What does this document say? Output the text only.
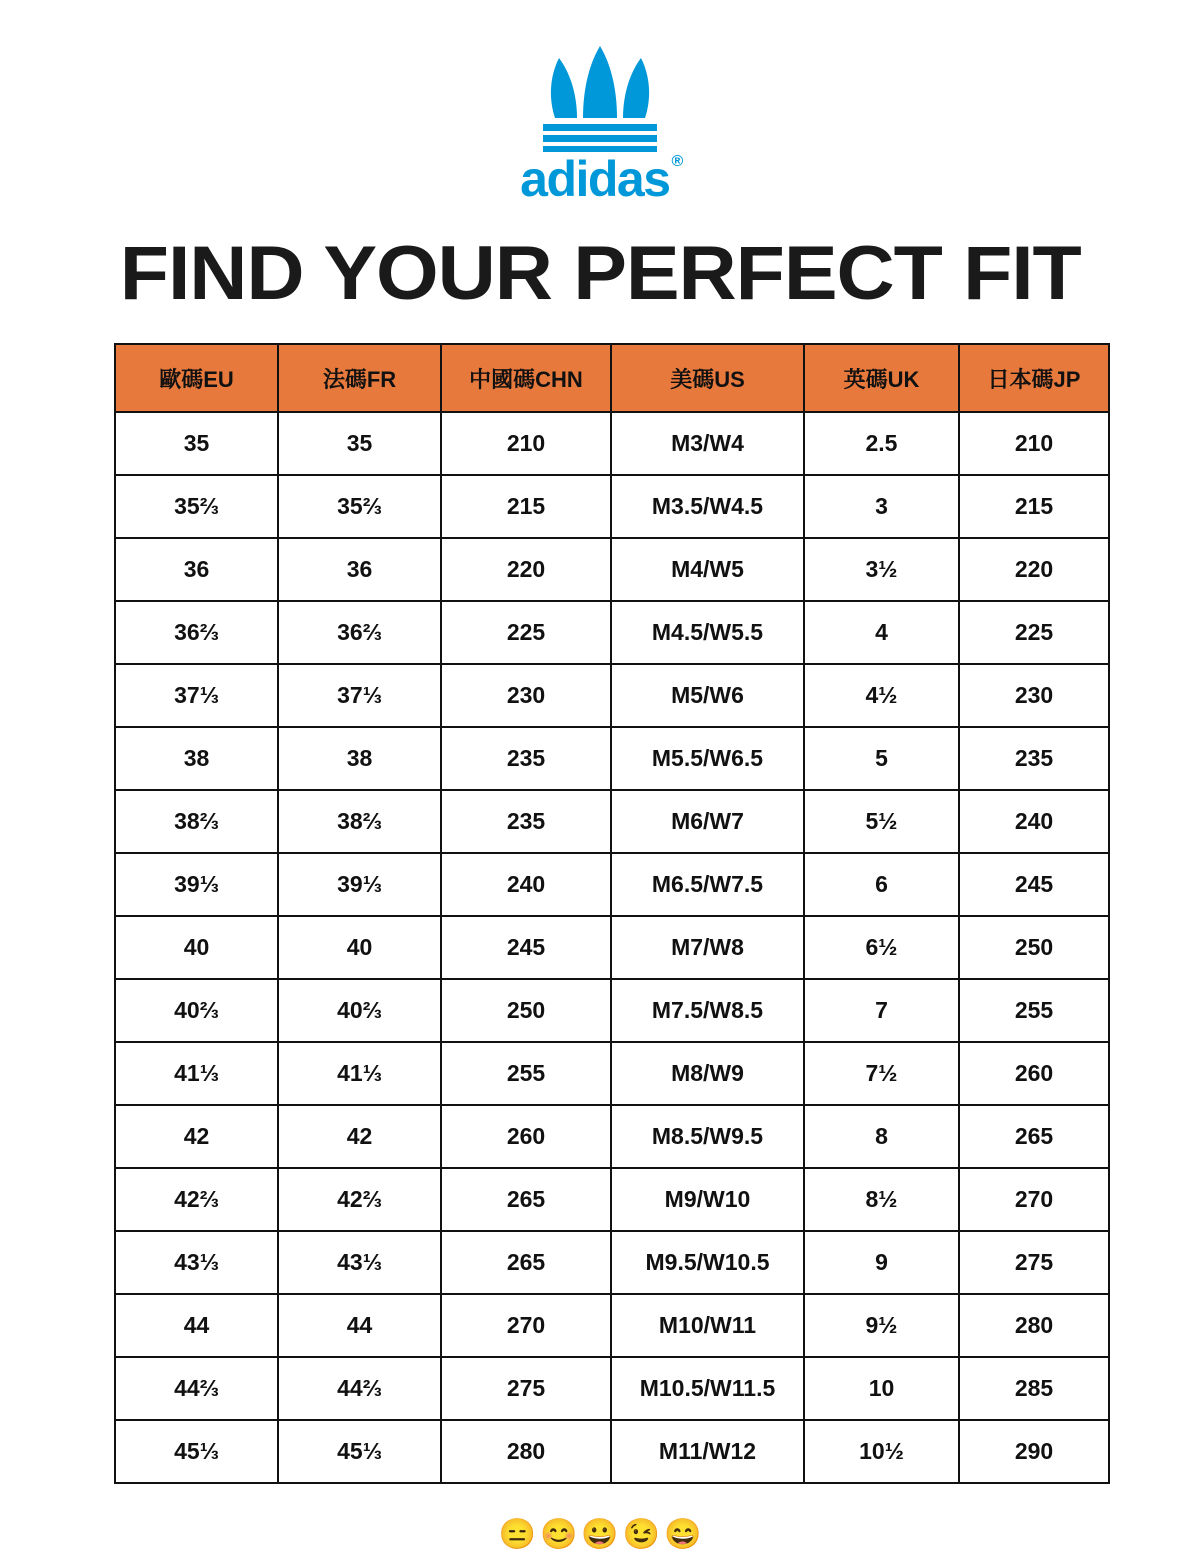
adidas ®
FIND YOUR PERFECT FIT
歐碼EU	法碼FR	中國碼CHN	美碼US	英碼UK	日本碼JP
35	35	210	M3/W4	2.5	210
35⅔	35⅔	215	M3.5/W4.5	3	215
36	36	220	M4/W5	3½	220
36⅔	36⅔	225	M4.5/W5.5	4	225
37⅓	37⅓	230	M5/W6	4½	230
38	38	235	M5.5/W6.5	5	235
38⅔	38⅔	235	M6/W7	5½	240
39⅓	39⅓	240	M6.5/W7.5	6	245
40	40	245	M7/W8	6½	250
40⅔	40⅔	250	M7.5/W8.5	7	255
41⅓	41⅓	255	M8/W9	7½	260
42	42	260	M8.5/W9.5	8	265
42⅔	42⅔	265	M9/W10	8½	270
43⅓	43⅓	265	M9.5/W10.5	9	275
44	44	270	M10/W11	9½	280
44⅔	44⅔	275	M10.5/W11.5	10	285
45⅓	45⅓	280	M11/W12	10½	290
😑 😊 😀 😉 😄
